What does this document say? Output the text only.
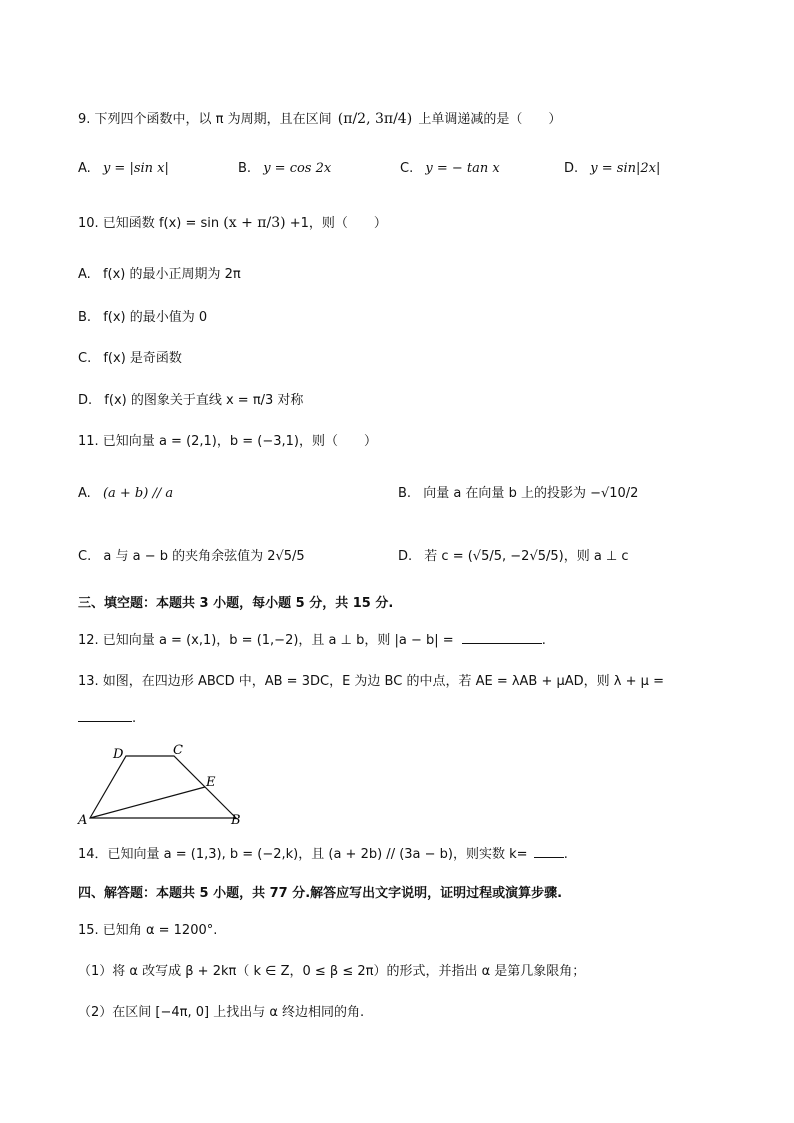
9. 下列四个函数中，以 π 为周期，且在区间 (π/2, 3π/4) 上单调递减的是（　　）
A. y = |sin x|	B. y = cos 2x	C. y = − tan x	D. y = sin|2x|
10. 已知函数 f(x) = sin (x + π/3) +1，则（　　）
A. f(x) 的最小正周期为 2π
B. f(x) 的最小值为 0
C. f(x) 是奇函数
D. f(x) 的图象关于直线 x = π/3 对称
11. 已知向量 a = (2,1)，b = (−3,1)，则（　　）
A. (a + b) // a	B. 向量 a 在向量 b 上的投影为 −√10/2
C. a 与 a − b 的夹角余弦值为 2√5/5	D. 若 c = (√5/5, −2√5/5)，则 a ⊥ c
三、填空题：本题共 3 小题，每小题 5 分，共 15 分.
12. 已知向量 a = (x,1)，b = (1,−2)，且 a ⊥ b，则 |a − b| =	.
13. 如图，在四边形 ABCD 中，AB = 3DC，E 为边 BC 的中点，若 AE = λAB + μAD，则 λ + μ =
.
A	B
C
D
E
14．已知向量 a = (1,3), b = (−2,k)，且 (a + 2b) // (3a − b)，则实数 k=	.
四、解答题：本题共 5 小题，共 77 分.解答应写出文字说明，证明过程或演算步骤.
15. 已知角 α = 1200°.
（1）将 α 改写成 β + 2kπ（ k ∈ Z，0 ≤ β ≤ 2π）的形式，并指出 α 是第几象限角；
（2）在区间 [−4π, 0] 上找出与 α 终边相同的角.
